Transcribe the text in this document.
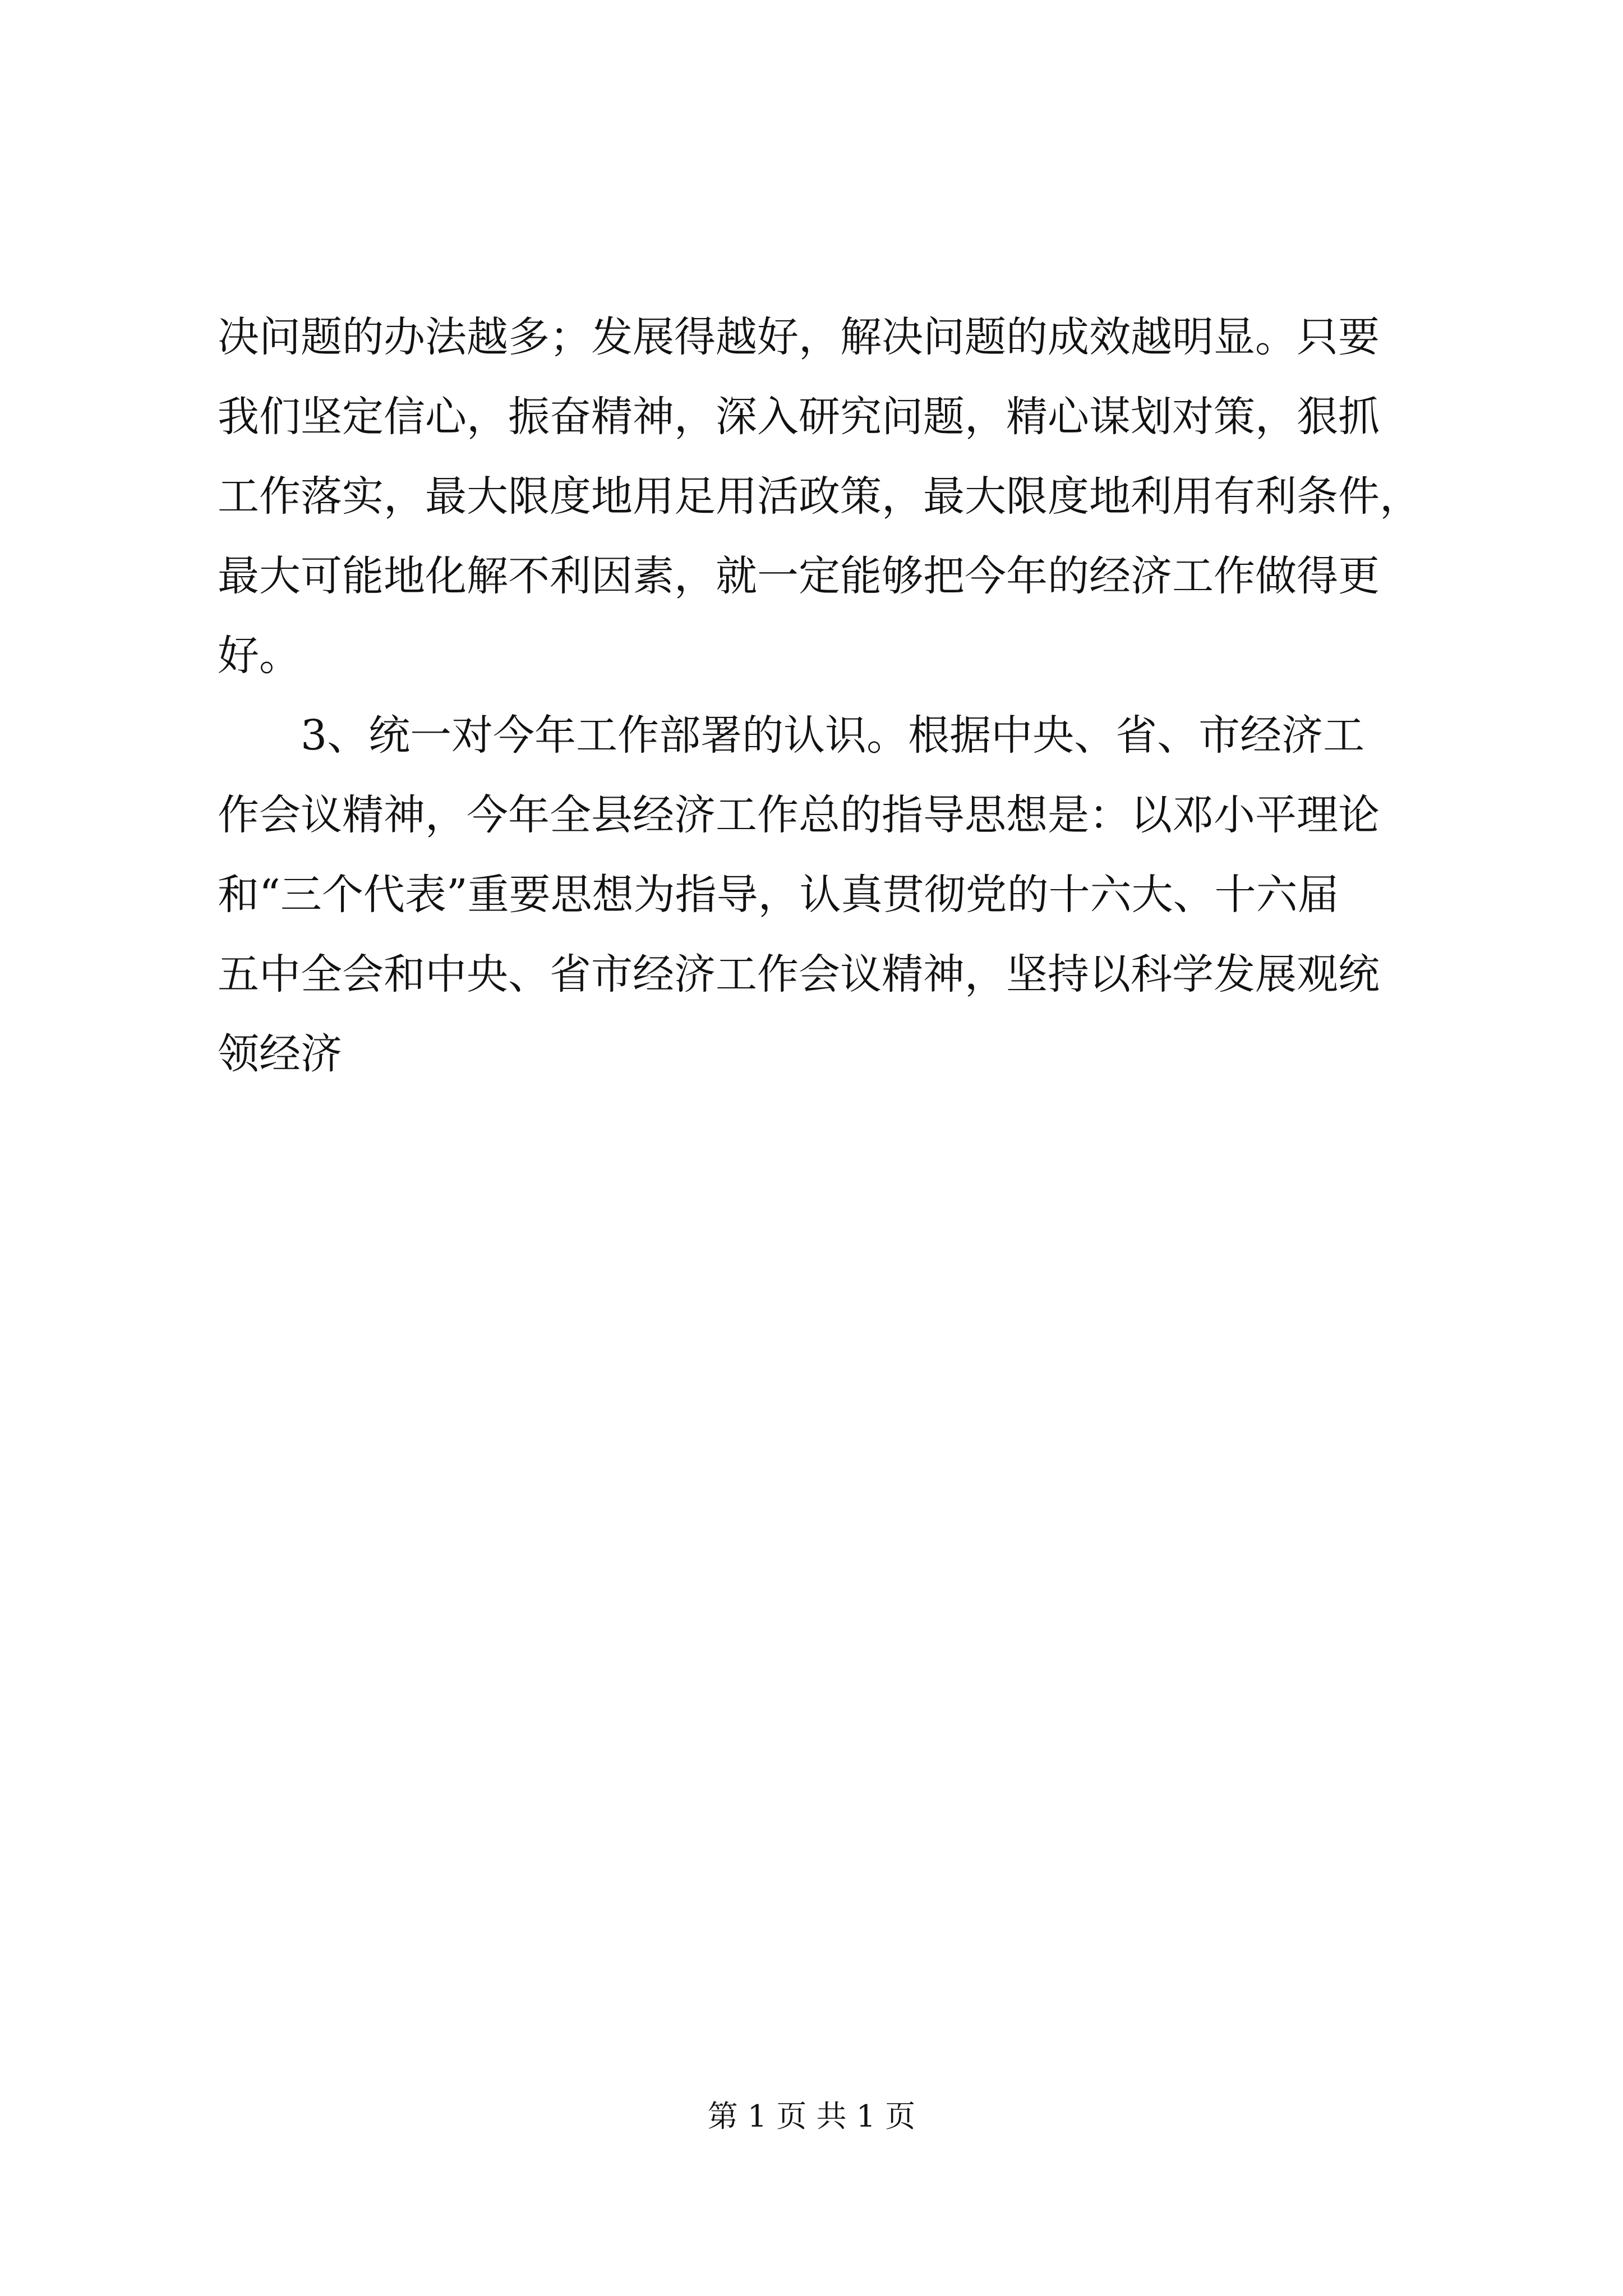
决问题的办法越多；发展得越好，解决问题的成效越明显。只要
我们坚定信心，振奋精神，深入研究问题，精心谋划对策，狠抓
工作落实，最大限度地用足用活政策，最大限度地利用有利条件，
最大可能地化解不利因素，就一定能够把今年的经济工作做得更
好。
3、统一对今年工作部署的认识。根据中央、省、市经济工
作会议精神，今年全县经济工作总的指导思想是：以邓小平理论
和“三个代表”重要思想为指导，认真贯彻党的十六大、十六届
五中全会和中央、省市经济工作会议精神，坚持以科学发展观统
领经济
第 1 页 共 1 页
